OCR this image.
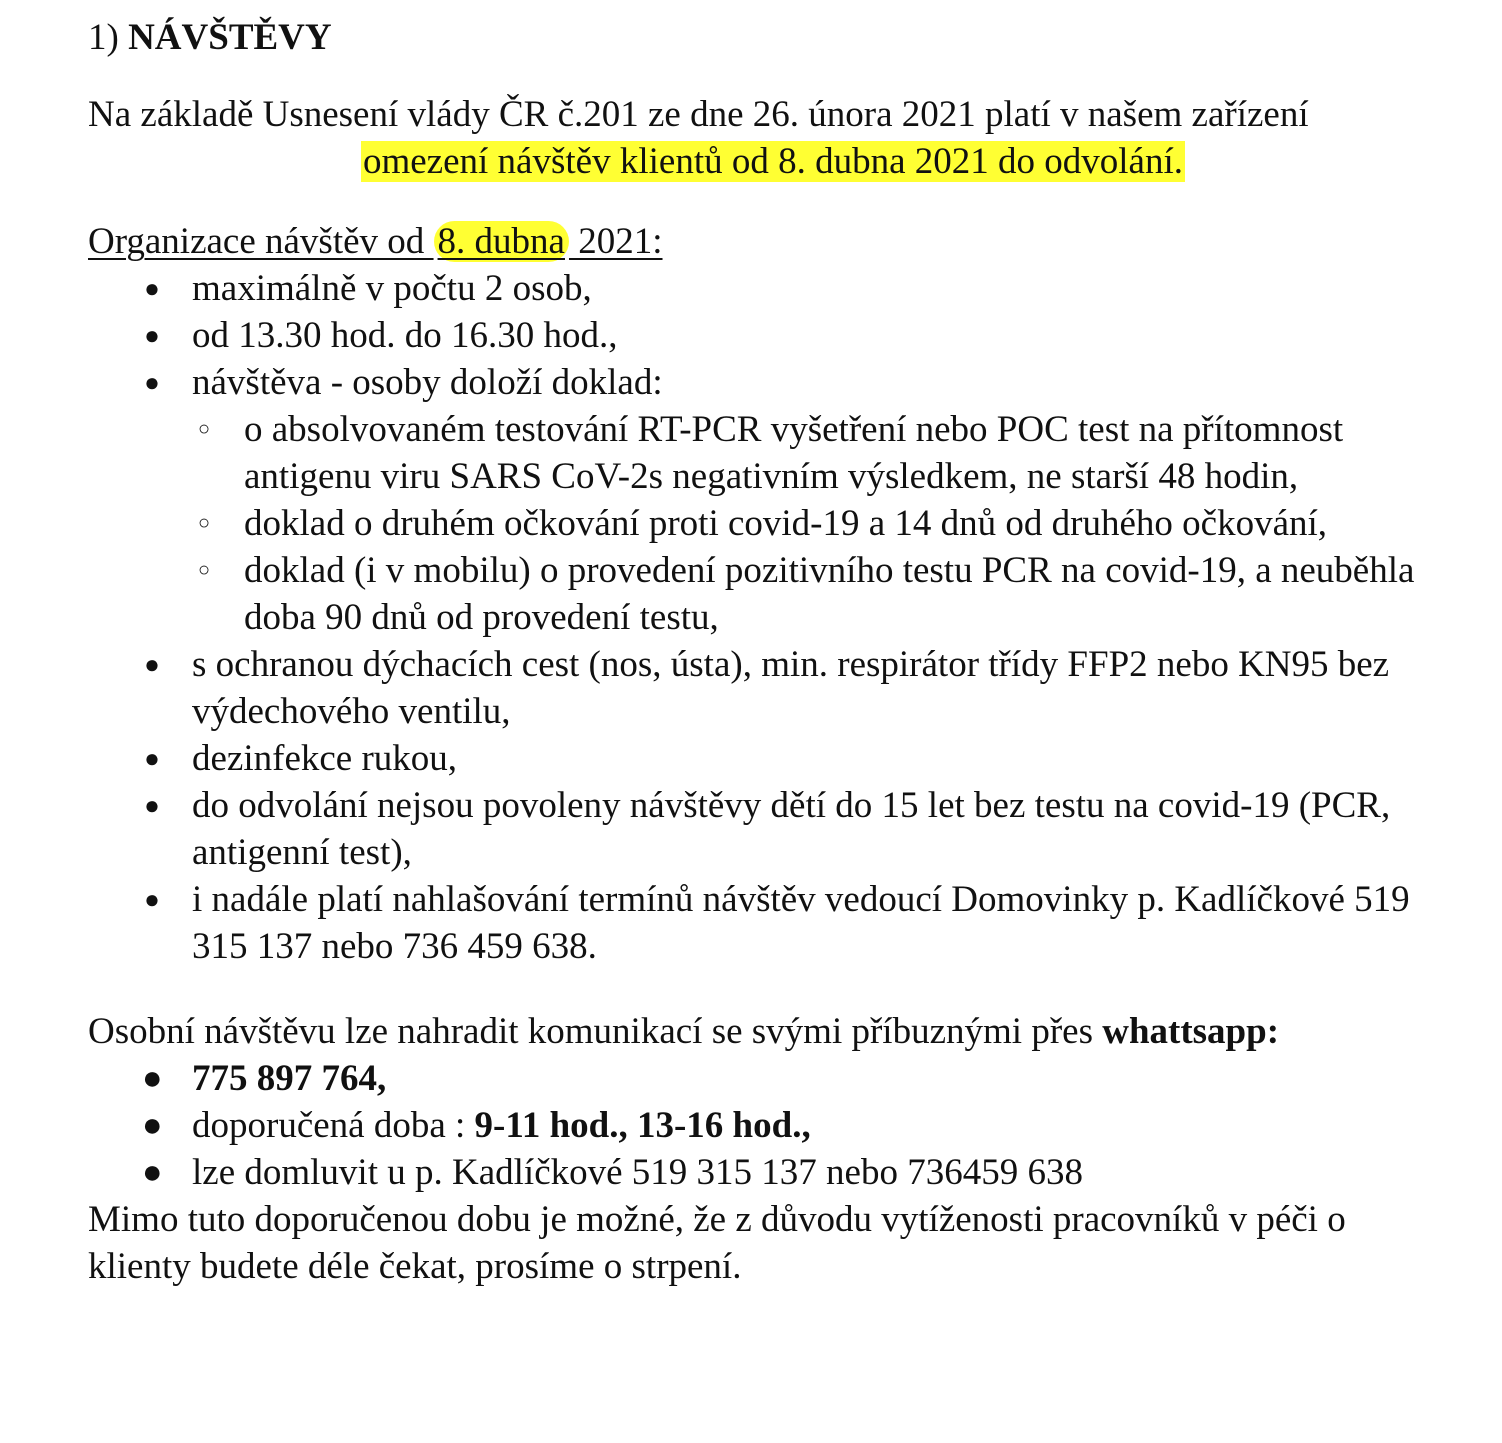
1) NÁVŠTĚVY

Na základě Usnesení vlády ČR č.201 ze dne 26. února 2021 platí v našem zařízení

omezení návštěv klientů od 8. dubna 2021 do odvolání.

Organizace návštěv od 8. dubna 2021:

● maximálně v počtu 2 osob,
● od 13.30 hod. do 16.30 hod.,
● návštěva - osoby doloží doklad:
○ o absolvovaném testování RT-PCR vyšetření nebo POC test na přítomnost antigenu viru SARS CoV-2s negativním výsledkem, ne starší 48 hodin,
○ doklad o druhém očkování proti covid-19 a 14 dnů od druhého očkování,
○ doklad (i v mobilu) o provedení pozitivního testu PCR na covid-19, a neuběhla doba 90 dnů od provedení testu,
● s ochranou dýchacích cest (nos, ústa), min. respirátor třídy FFP2 nebo KN95 bez výdechového ventilu,
● dezinfekce rukou,
● do odvolání nejsou povoleny návštěvy dětí do 15 let bez testu na covid-19 (PCR, antigenní test),
● i nadále platí nahlašování termínů návštěv vedoucí Domovinky p. Kadlíčkové 519 315 137 nebo 736 459 638.

Osobní návštěvu lze nahradit komunikací se svými příbuznými přes whattsapp:

● 775 897 764,
● doporučená doba : 9-11 hod., 13-16 hod.,
● lze domluvit u p. Kadlíčkové 519 315 137 nebo 736459 638

Mimo tuto doporučenou dobu je možné, že z důvodu vytíženosti pracovníků v péči o klienty budete déle čekat, prosíme o strpení.
